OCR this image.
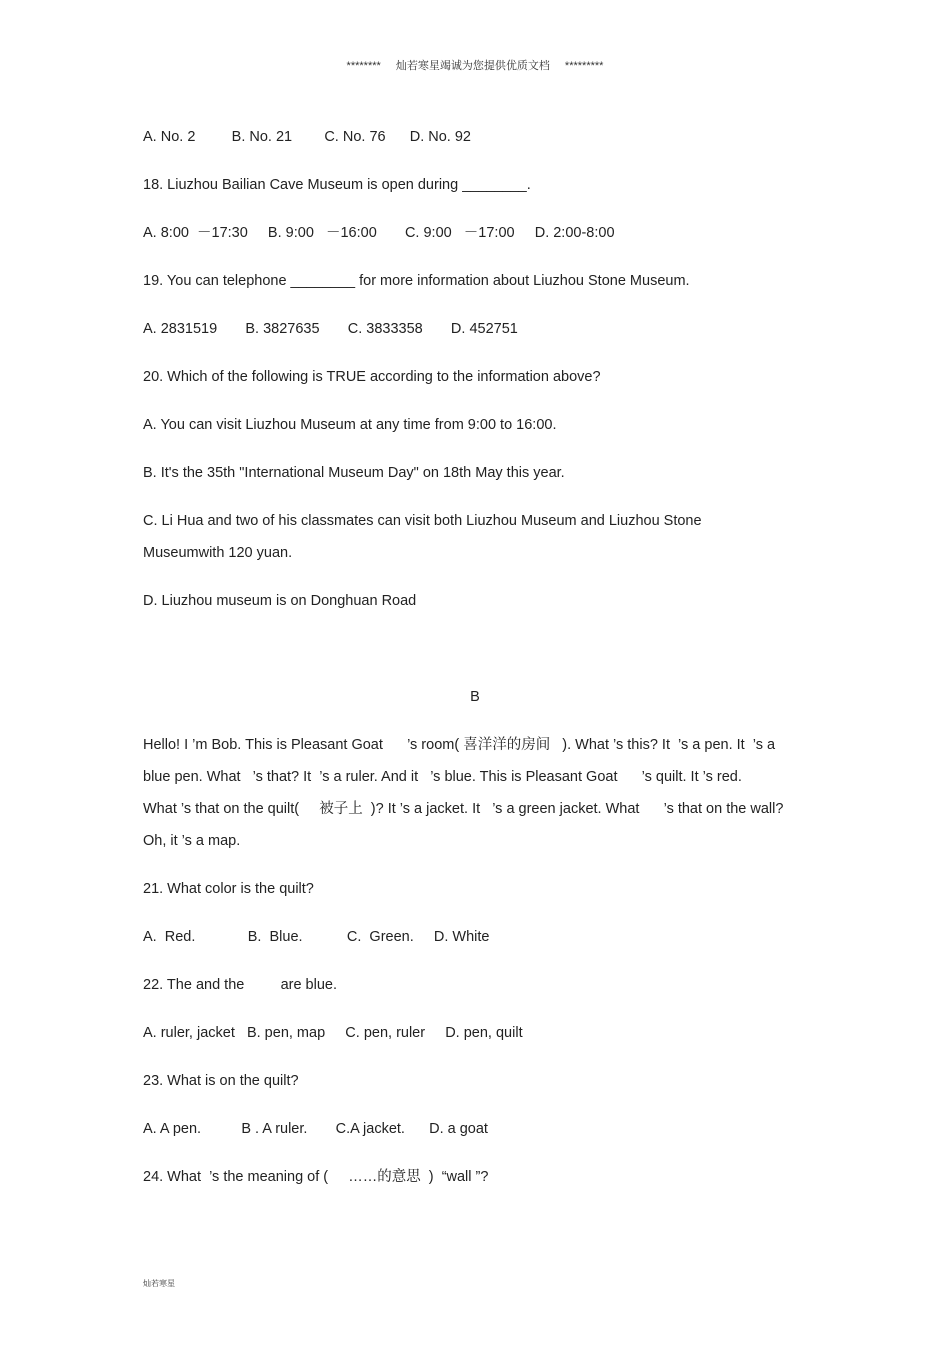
******** 灿若寒星竭诚为您提供优质文档 *********
A. No. 2         B. No. 21        C. No. 76      D. No. 92
18. Liuzhou Bailian Cave Museum is open during ________.
A. 8:00  －17:30     B. 9:00   －16:00       C. 9:00   －17:00     D. 2:00-8:00
19. You can telephone ________ for more information about Liuzhou Stone Museum.
A. 2831519       B. 3827635       C. 3833358       D. 452751
20. Which of the following is TRUE according to the information above?
A. You can visit Liuzhou Museum at any time from 9:00 to 16:00.
B. It's the 35th "International Museum Day" on 18th May this year.
C. Li Hua and two of his classmates can visit both Liuzhou Museum and Liuzhou Stone
Museumwith 120 yuan.
D. Liuzhou museum is on Donghuan Road
B
Hello! I ’m Bob. This is Pleasant Goat      ’s room( 喜洋洋的房间   ). What ’s this? It  ’s a pen. It  ’s a
blue pen. What   ’s that? It  ’s a ruler. And it   ’s blue. This is Pleasant Goat      ’s quilt. It ’s red.
What ’s that on the quilt(     被子上  )? It ’s a jacket. It   ’s a green jacket. What      ’s that on the wall?
Oh, it ’s a map.
21. What color is the quilt?
A.  Red.             B.  Blue.           C.  Green.     D. White
22. The and the         are blue.
A. ruler, jacket   B. pen, map     C. pen, ruler     D. pen, quilt
23. What is on the quilt?
A. A pen.          B . A ruler.       C.A jacket.      D. a goat
24. What  ’s the meaning of (     ……的意思  )  “wall ”?
灿若寒星
